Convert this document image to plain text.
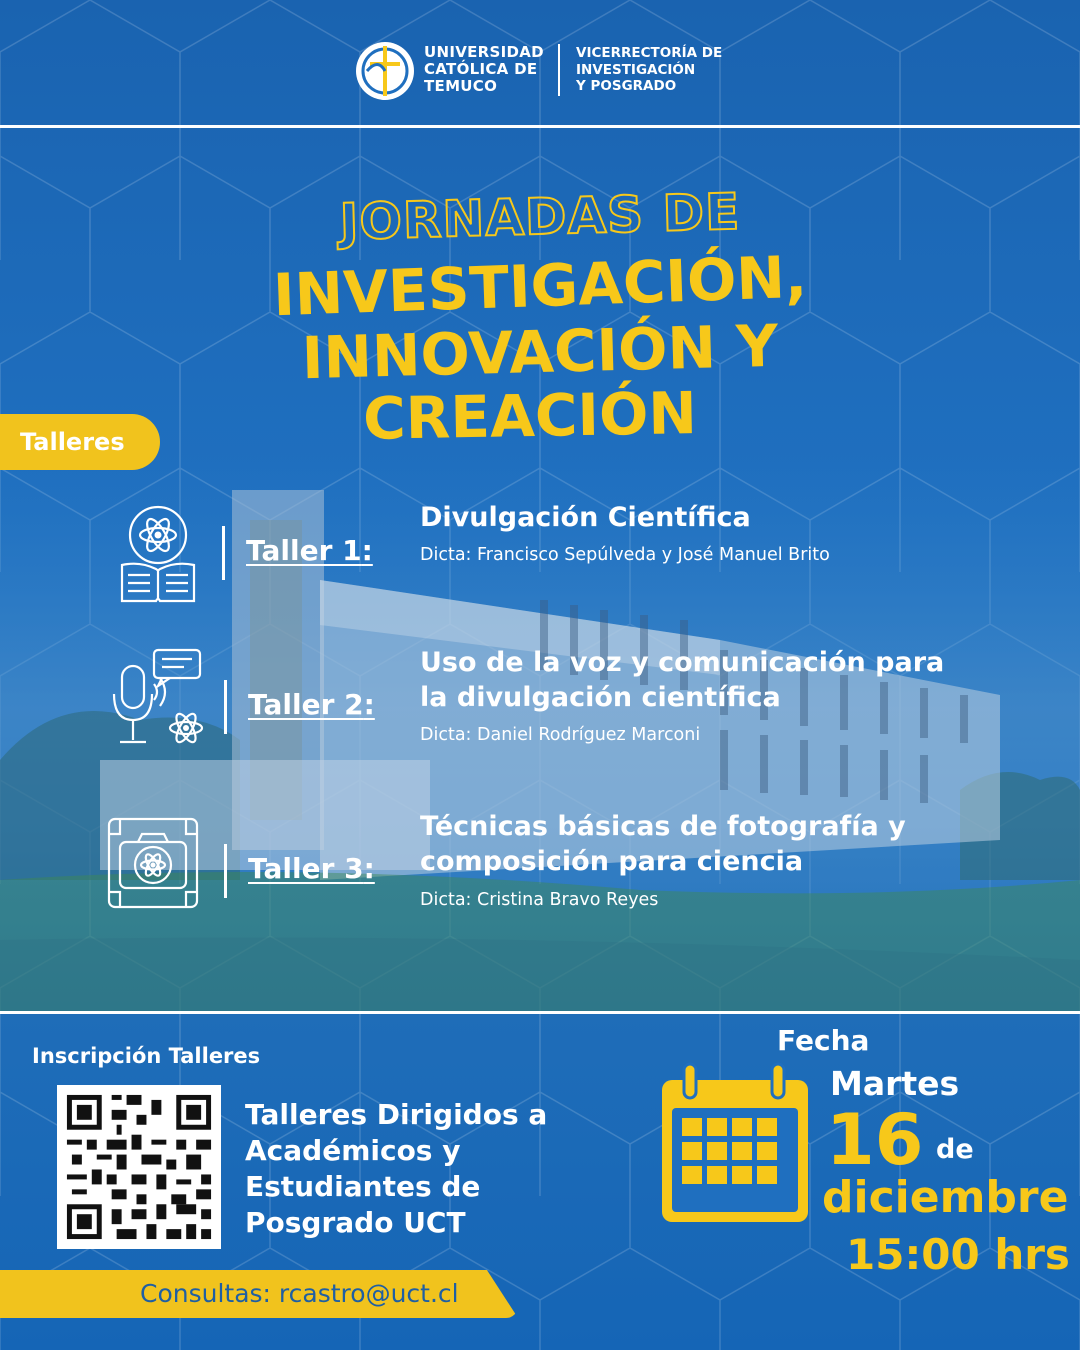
UNIVERSIDAD
CATÓLICA DE
TEMUCO
VICERRECTORÍA DE
INVESTIGACIÓN
Y POSGRADO
JORNADAS DE
INVESTIGACIÓN,
INNOVACIÓN Y
CREACIÓN
Talleres
Taller 1:
Divulgación Científica
Dicta: Francisco Sepúlveda y José Manuel Brito
Taller 2:
Uso de la voz y comunicación para
la divulgación científica
Dicta: Daniel Rodríguez Marconi
Taller 3:
Técnicas básicas de fotografía y
composición para ciencia
Dicta: Cristina Bravo Reyes
Inscripción Talleres
Talleres Dirigidos a
Académicos y
Estudiantes de
Posgrado UCT
Fecha
Martes
16 de
diciembre
15:00 hrs
Consultas: rcastro@uct.cl
